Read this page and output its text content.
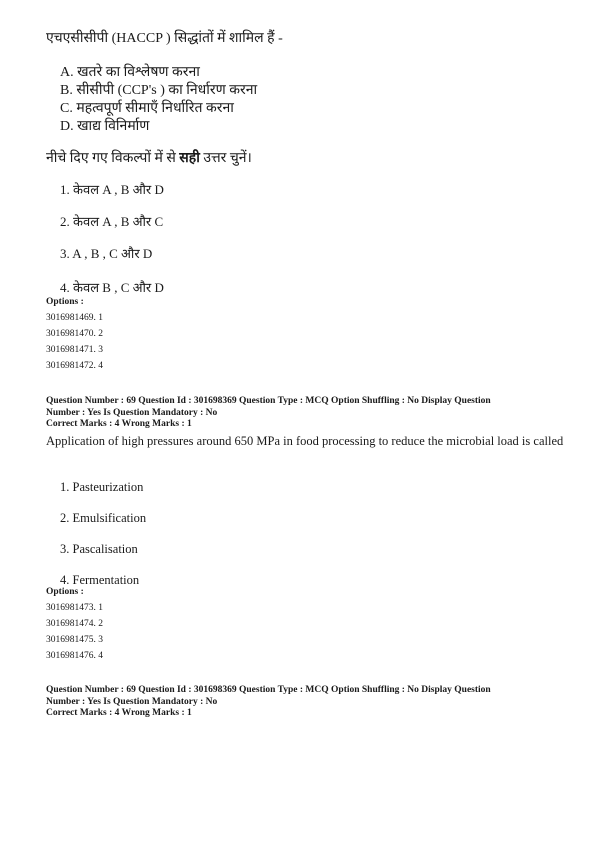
एचएसीसीपी (HACCP ) सिद्धांतों में शामिल हैं -
A. खतरे का विश्लेषण करना
B. सीसीपी (CCP's ) का निर्धारण करना
C. महत्वपूर्ण सीमाएँ निर्धारित करना
D. खाद्य विनिर्माण
नीचे दिए गए विकल्पों में से सही उत्तर चुनें।
1. केवल A , B और D
2. केवल A , B और C
3. A , B , C और D
4. केवल B , C और D
Options :
3016981469. 1
3016981470. 2
3016981471. 3
3016981472. 4
Question Number : 69 Question Id : 301698369 Question Type : MCQ Option Shuffling : No Display Question
Number : Yes Is Question Mandatory : No
Correct Marks : 4 Wrong Marks : 1
Application of high pressures around 650 MPa in food processing to reduce the microbial load is called
1. Pasteurization
2. Emulsification
3. Pascalisation
4. Fermentation
Options :
3016981473. 1
3016981474. 2
3016981475. 3
3016981476. 4
Question Number : 69 Question Id : 301698369 Question Type : MCQ Option Shuffling : No Display Question
Number : Yes Is Question Mandatory : No
Correct Marks : 4 Wrong Marks : 1
